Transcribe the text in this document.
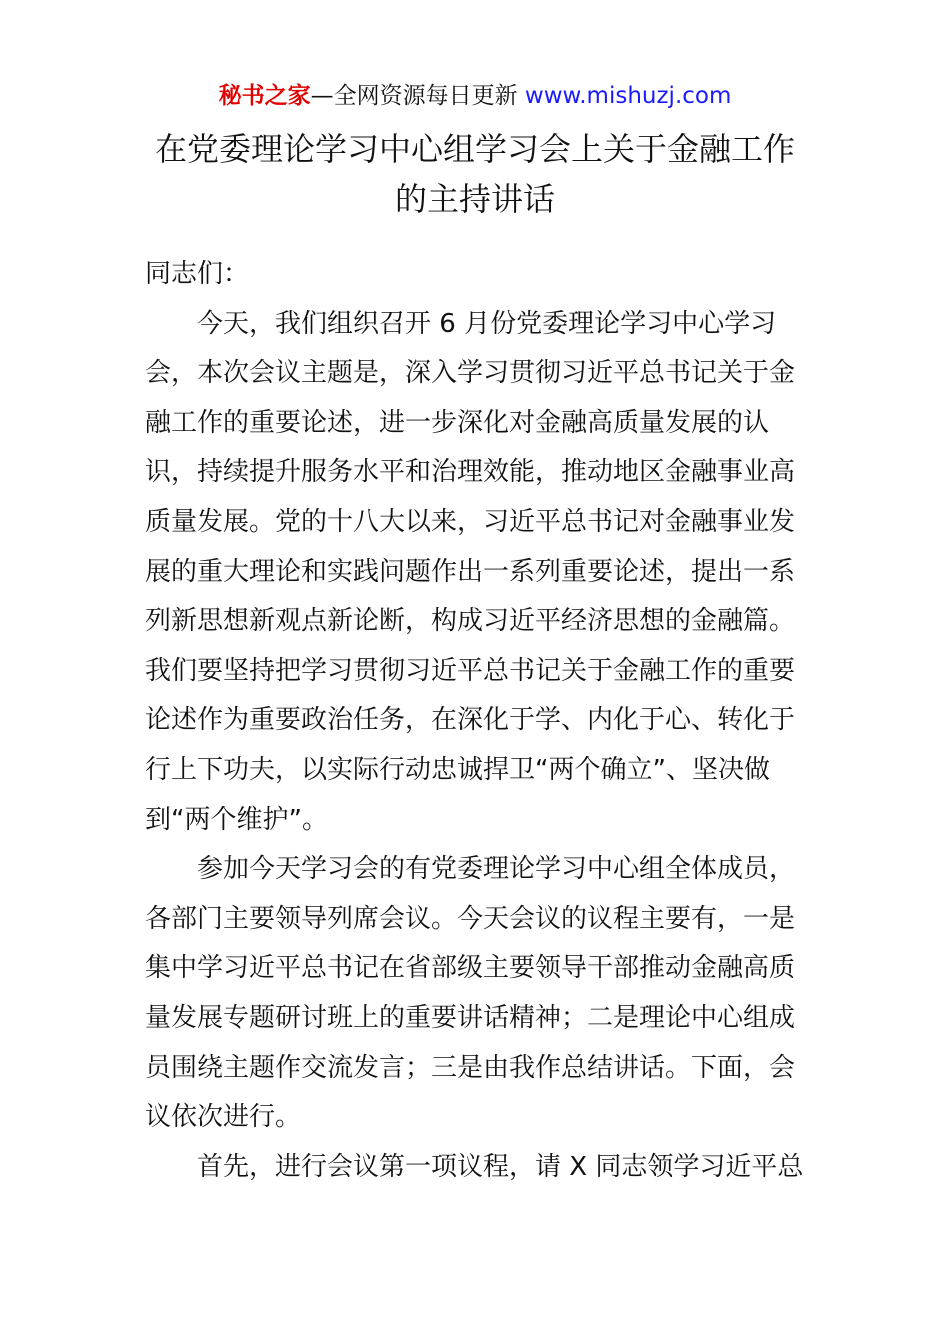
秘书之家—全网资源每日更新 www.mishuzj.com
在党委理论学习中心组学习会上关于金融工作
的主持讲话
同志们：
　　今天，我们组织召开 6 月份党委理论学习中心学习
会，本次会议主题是，深入学习贯彻习近平总书记关于金
融工作的重要论述，进一步深化对金融高质量发展的认
识，持续提升服务水平和治理效能，推动地区金融事业高
质量发展。党的十八大以来，习近平总书记对金融事业发
展的重大理论和实践问题作出一系列重要论述，提出一系
列新思想新观点新论断，构成习近平经济思想的金融篇。
我们要坚持把学习贯彻习近平总书记关于金融工作的重要
论述作为重要政治任务，在深化于学、内化于心、转化于
行上下功夫，以实际行动忠诚捍卫“两个确立”、坚决做
到“两个维护”。
　　参加今天学习会的有党委理论学习中心组全体成员，
各部门主要领导列席会议。今天会议的议程主要有，一是
集中学习近平总书记在省部级主要领导干部推动金融高质
量发展专题研讨班上的重要讲话精神；二是理论中心组成
员围绕主题作交流发言；三是由我作总结讲话。下面，会
议依次进行。
　　首先，进行会议第一项议程，请 X 同志领学习近平总
